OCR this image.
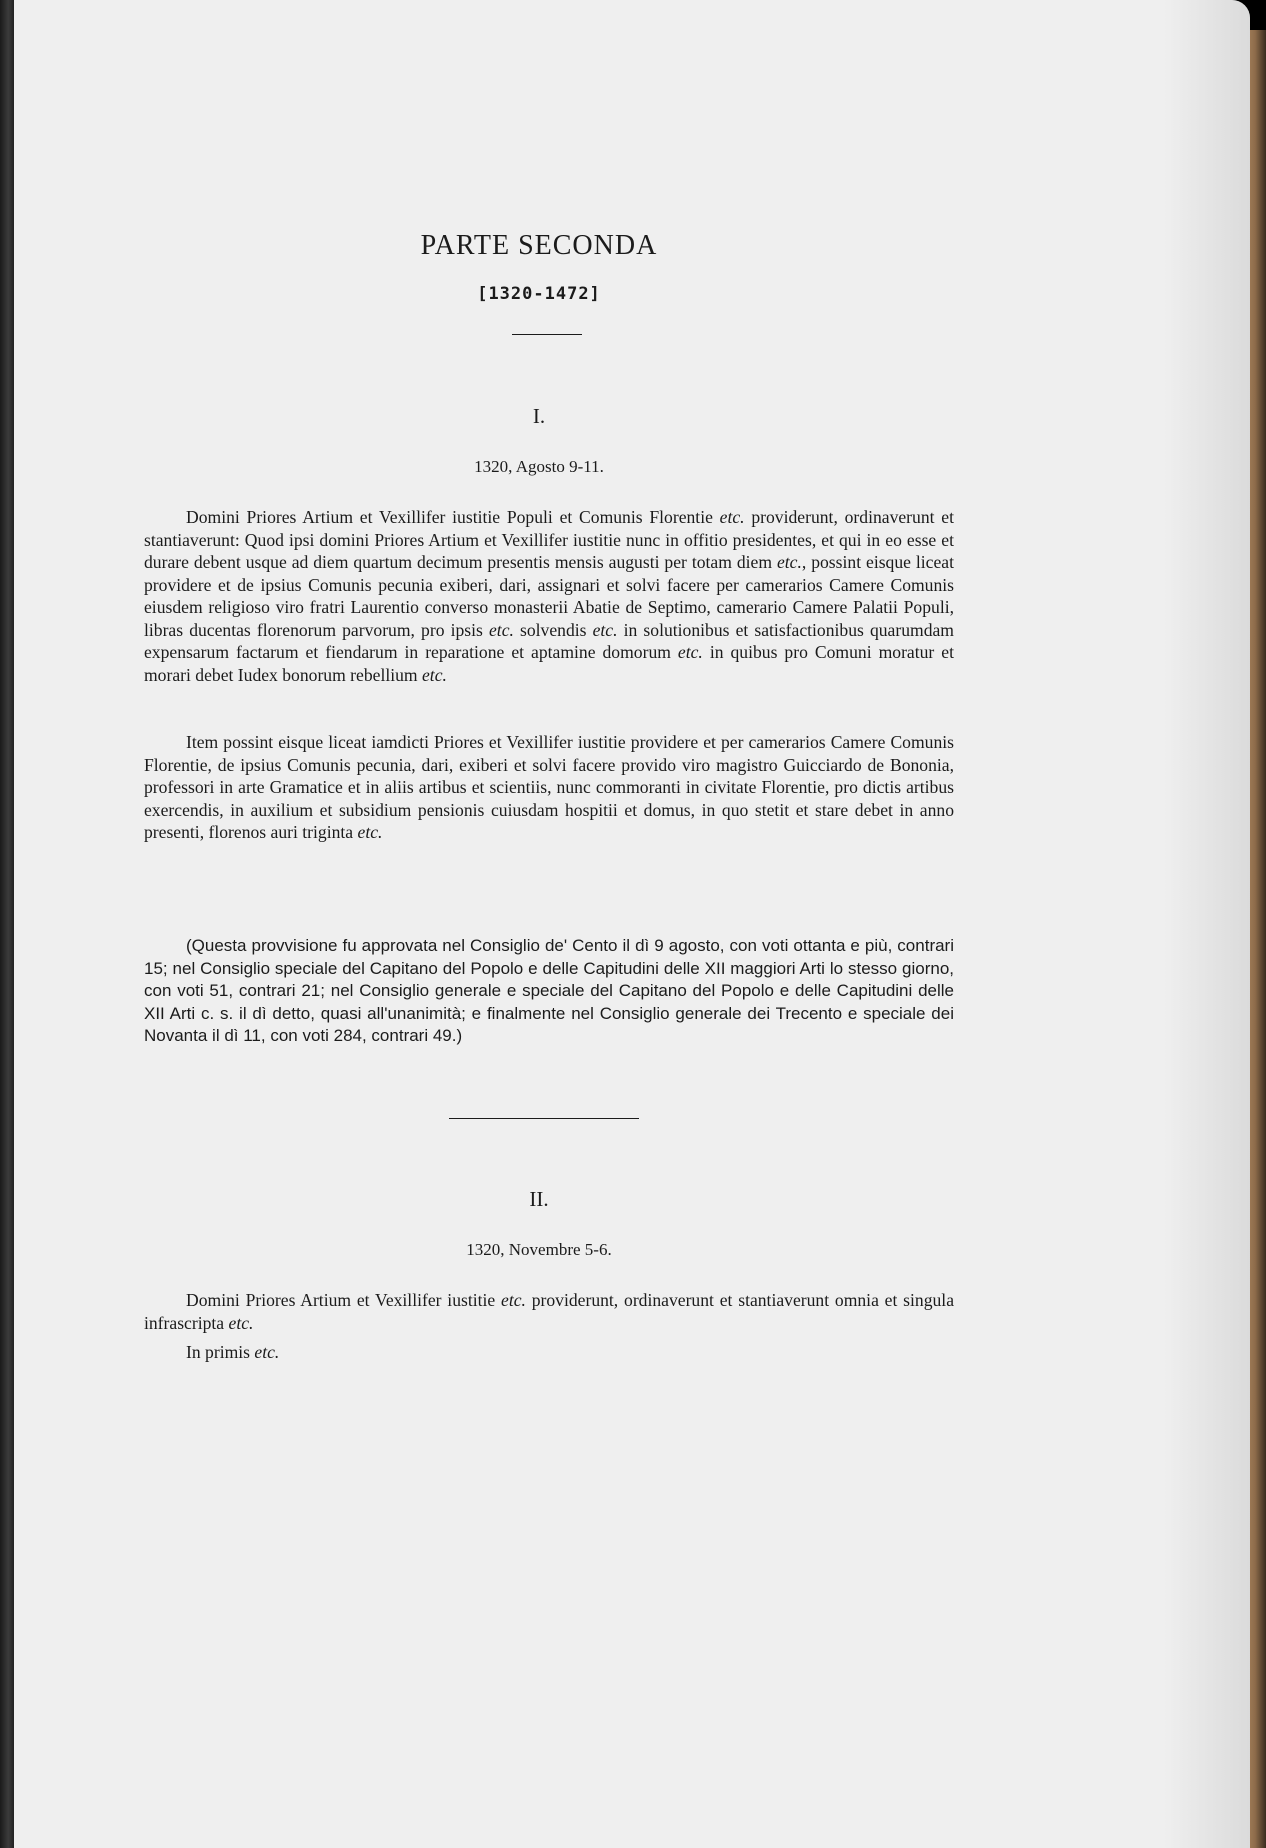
PARTE SECONDA
[1320-1472]
I.
1320, Agosto 9-11.

Domini Priores Artium et Vexillifer iustitie Populi et Comunis Florentie etc. providerunt, ordinaverunt et stantiaverunt: Quod ipsi domini Priores Artium et Vexillifer iustitie nunc in offitio presidentes, et qui in eo esse et durare debent usque ad diem quartum decimum presentis mensis augusti per totam diem etc., possint eisque liceat providere et de ipsius Comunis pecunia exiberi, dari, assignari et solvi facere per camerarios Camere Comunis eiusdem religioso viro fratri Laurentio converso monasterii Abatie de Septimo, camerario Camere Palatii Populi, libras ducentas florenorum parvorum, pro ipsis etc. solvendis etc. in solutionibus et satisfactionibus quarumdam expensarum factarum et fiendarum in reparatione et aptamine domorum etc. in quibus pro Comuni moratur et morari debet Iudex bonorum rebellium etc.

Item possint eisque liceat iamdicti Priores et Vexillifer iustitie providere et per camerarios Camere Comunis Florentie, de ipsius Comunis pecunia, dari, exiberi et solvi facere provido viro magistro Guicciardo de Bononia, professori in arte Gramatice et in aliis artibus et scientiis, nunc commoranti in civitate Florentie, pro dictis artibus exercendis, in auxilium et subsidium pensionis cuiusdam hospitii et domus, in quo stetit et stare debet in anno presenti, florenos auri triginta etc.

(Questa provvisione fu approvata nel Consiglio de' Cento il dì 9 agosto, con voti ottanta e più, contrari 15; nel Consiglio speciale del Capitano del Popolo e delle Capitudini delle XII maggiori Arti lo stesso giorno, con voti 51, contrari 21; nel Consiglio generale e speciale del Capitano del Popolo e delle Capitudini delle XII Arti c. s. il dì detto, quasi all'unanimità; e finalmente nel Consiglio generale dei Trecento e speciale dei Novanta il dì 11, con voti 284, contrari 49.)

II.
1320, Novembre 5-6.

Domini Priores Artium et Vexillifer iustitie etc. providerunt, ordinaverunt et stantiaverunt omnia et singula infrascripta etc.

In primis etc.
